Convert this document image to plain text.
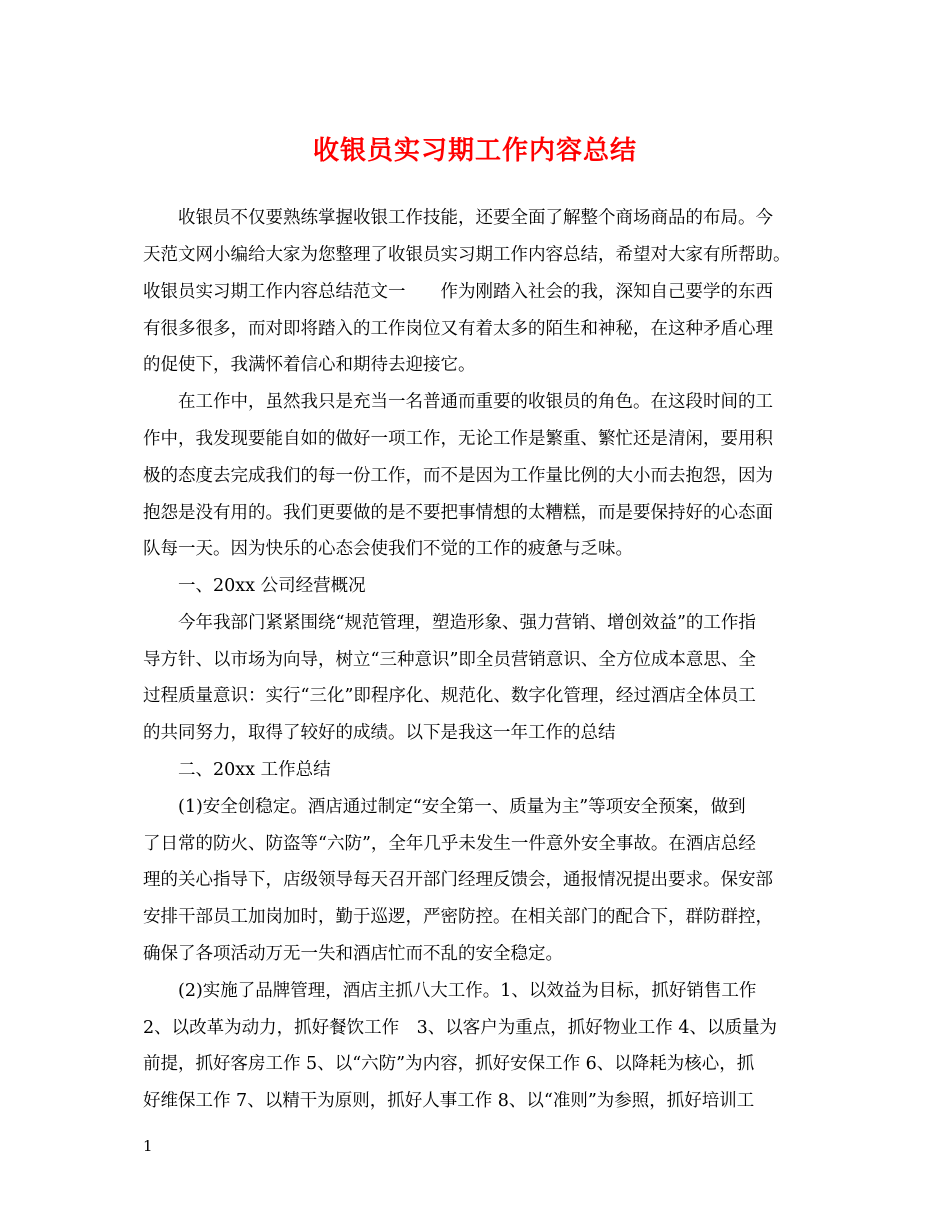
收银员实习期工作内容总结
　　收银员不仅要熟练掌握收银工作技能，还要全面了解整个商场商品的布局。今
天范文网小编给大家为您整理了收银员实习期工作内容总结，希望对大家有所帮助。
收银员实习期工作内容总结范文一　　作为刚踏入社会的我，深知自己要学的东西
有很多很多，而对即将踏入的工作岗位又有着太多的陌生和神秘，在这种矛盾心理
的促使下，我满怀着信心和期待去迎接它。
　　在工作中，虽然我只是充当一名普通而重要的收银员的角色。在这段时间的工
作中，我发现要能自如的做好一项工作，无论工作是繁重、繁忙还是清闲，要用积
极的态度去完成我们的每一份工作，而不是因为工作量比例的大小而去抱怨，因为
抱怨是没有用的。我们更要做的是不要把事情想的太糟糕，而是要保持好的心态面
队每一天。因为快乐的心态会使我们不觉的工作的疲惫与乏味。
　　一、20xx 公司经营概况
　　今年我部门紧紧围绕“规范管理，塑造形象、强力营销、增创效益”的工作指
导方针、以市场为向导，树立“三种意识”即全员营销意识、全方位成本意思、全
过程质量意识：实行“三化”即程序化、规范化、数字化管理，经过酒店全体员工
的共同努力，取得了较好的成绩。以下是我这一年工作的总结
　　二、20xx 工作总结
　　(1)安全创稳定。酒店通过制定“安全第一、质量为主”等项安全预案，做到
了日常的防火、防盗等“六防”，全年几乎未发生一件意外安全事故。在酒店总经
理的关心指导下，店级领导每天召开部门经理反馈会，通报情况提出要求。保安部
安排干部员工加岗加时，勤于巡逻，严密防控。在相关部门的配合下，群防群控，
确保了各项活动万无一失和酒店忙而不乱的安全稳定。
　　(2)实施了品牌管理，酒店主抓八大工作。1、以效益为目标，抓好销售工作
2、以改革为动力，抓好餐饮工作　3、以客户为重点，抓好物业工作 4、以质量为
前提，抓好客房工作 5、以“六防”为内容，抓好安保工作 6、以降耗为核心，抓
好维保工作 7、以精干为原则，抓好人事工作 8、以“准则”为参照，抓好培训工
1
